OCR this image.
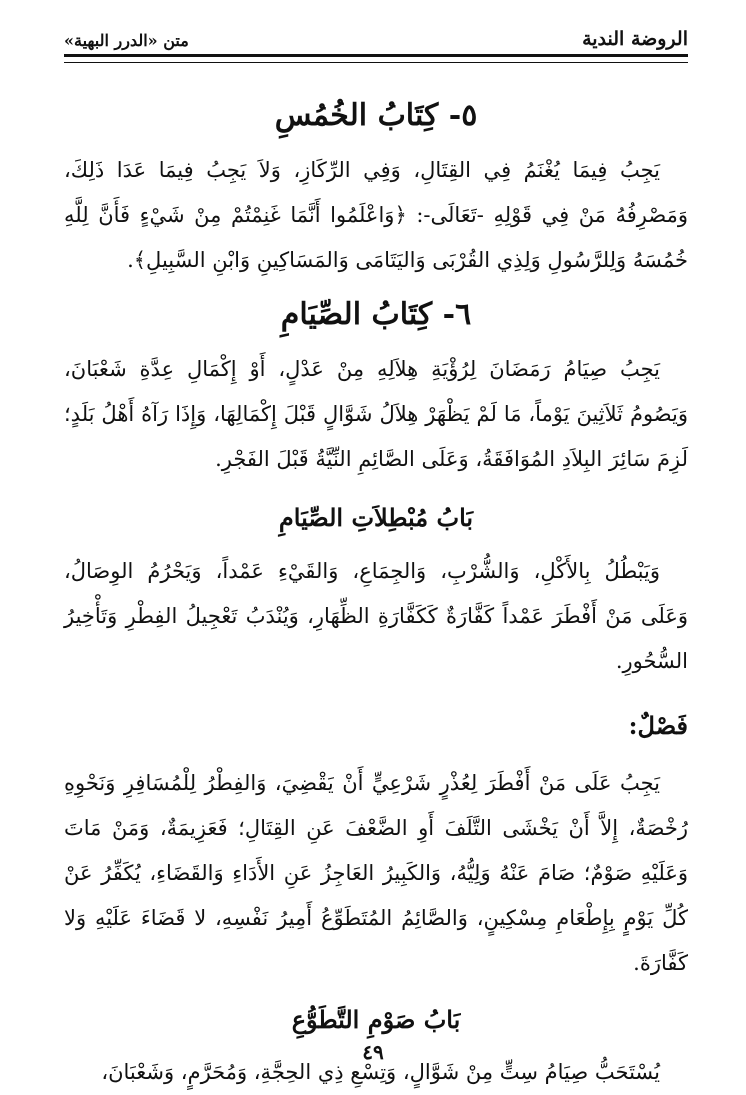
الروضة الندية
متن «الدرر البهية»
٥- كِتَابُ الخُمُسِ

يَجِبُ فِيمَا يُغْنَمُ فِي القِتَالِ، وَفِي الرِّكَازِ، وَلاَ يَجِبُ فِيمَا عَدَا ذَلِكَ، وَمَصْرِفُهُ مَنْ فِي قَوْلِهِ -تَعَالَى-: ﴿وَاعْلَمُوا أَنَّمَا غَنِمْتُمْ مِنْ شَيْءٍ فَأَنَّ لِلَّهِ خُمُسَهُ وَلِلرَّسُولِ وَلِذِي القُرْبَى وَاليَتَامَى وَالمَسَاكِينِ وَابْنِ السَّبِيلِ﴾.

٦- كِتَابُ الصِّيَامِ

يَجِبُ صِيَامُ رَمَضَانَ لِرُؤْيَةِ هِلاَلِهِ مِنْ عَدْلٍ، أَوْ إِكْمَالِ عِدَّةِ شَعْبَانَ، وَيَصُومُ ثَلاَثِينَ يَوْماً، مَا لَمْ يَظْهَرْ هِلاَلُ شَوَّالٍ قَبْلَ إِكْمَالِهَا، وَإِذَا رَآهُ أَهْلُ بَلَدٍ؛ لَزِمَ سَائِرَ البِلاَدِ المُوَافَقَةُ، وَعَلَى الصَّائِمِ النِّيَّةُ قَبْلَ الفَجْرِ.

بَابُ مُبْطِلاَتِ الصِّيَامِ

وَيَبْطُلُ بِالأَكْلِ، وَالشُّرْبِ، وَالجِمَاعِ، وَالقَيْءِ عَمْداً، وَيَحْرُمُ الوِصَالُ، وَعَلَى مَنْ أَفْطَرَ عَمْداً كَفَّارَةٌ كَكَفَّارَةِ الظِّهَارِ، وَيُنْدَبُ تَعْجِيلُ الفِطْرِ وَتَأْخِيرُ السُّحُورِ.

فَصْلٌ:

يَجِبُ عَلَى مَنْ أَفْطَرَ لِعُذْرٍ شَرْعِيٍّ أَنْ يَقْضِيَ، وَالفِطْرُ لِلْمُسَافِرِ وَنَحْوِهِ رُخْصَةٌ، إِلاَّ أَنْ يَخْشَى التَّلَفَ أَوِ الضَّعْفَ عَنِ القِتَالِ؛ فَعَزِيمَةٌ، وَمَنْ مَاتَ وَعَلَيْهِ صَوْمٌ؛ صَامَ عَنْهُ وَلِيُّهُ، وَالكَبِيرُ العَاجِزُ عَنِ الأَدَاءِ وَالقَضَاءِ، يُكَفِّرُ عَنْ كُلِّ يَوْمٍ بِإِطْعَامِ مِسْكِينٍ، وَالصَّائِمُ المُتَطَوِّعُ أَمِيرُ نَفْسِهِ، لا قَضَاءَ عَلَيْهِ وَلا كَفَّارَةَ.

بَابُ صَوْمِ التَّطَوُّعِ

يُسْتَحَبُّ صِيَامُ سِتٍّ مِنْ شَوَّالٍ، وَتِسْعِ ذِي الحِجَّةِ، وَمُحَرَّمٍ، وَشَعْبَانَ،

٤٩
